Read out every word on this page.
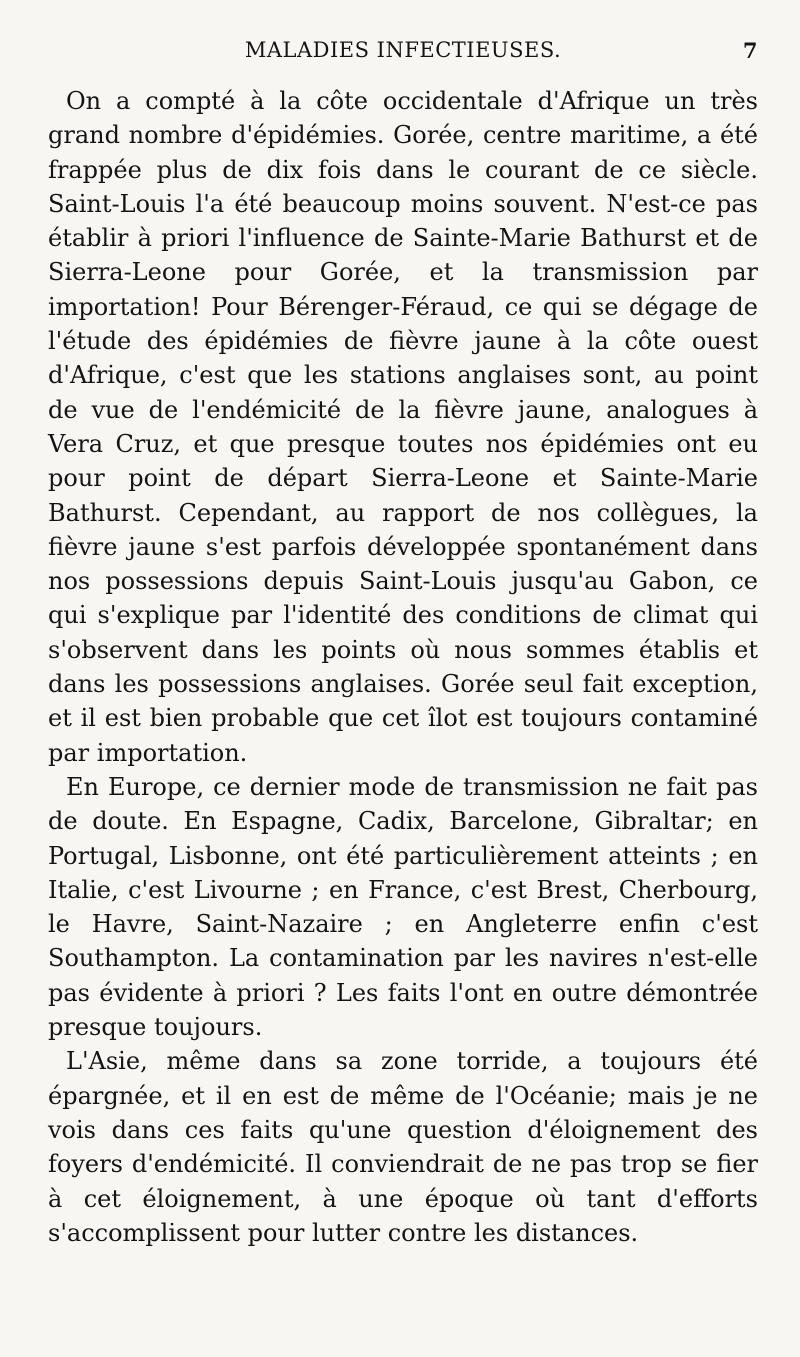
MALADIES INFECTIEUSES.	7

On a compté à la côte occidentale d'Afrique un très grand nombre d'épidémies. Gorée, centre maritime, a été frappée plus de dix fois dans le courant de ce siècle. Saint-Louis l'a été beaucoup moins souvent. N'est-ce pas établir à priori l'influence de Sainte-Marie Bathurst et de Sierra-Leone pour Gorée, et la transmission par importation! Pour Bérenger-Féraud, ce qui se dégage de l'étude des épidémies de fièvre jaune à la côte ouest d'Afrique, c'est que les stations anglaises sont, au point de vue de l'endémicité de la fièvre jaune, analogues à Vera Cruz, et que presque toutes nos épidémies ont eu pour point de départ Sierra-Leone et Sainte-Marie Bathurst. Cependant, au rapport de nos collègues, la fièvre jaune s'est parfois développée spontanément dans nos possessions depuis Saint-Louis jusqu'au Gabon, ce qui s'explique par l'identité des conditions de climat qui s'observent dans les points où nous sommes établis et dans les possessions anglaises. Gorée seul fait exception, et il est bien probable que cet îlot est toujours contaminé par importation.

En Europe, ce dernier mode de transmission ne fait pas de doute. En Espagne, Cadix, Barcelone, Gibraltar; en Portugal, Lisbonne, ont été particulièrement atteints ; en Italie, c'est Livourne ; en France, c'est Brest, Cherbourg, le Havre, Saint-Nazaire ; en Angleterre enfin c'est Southampton. La contamination par les navires n'est-elle pas évidente à priori ? Les faits l'ont en outre démontrée presque toujours.

L'Asie, même dans sa zone torride, a toujours été épargnée, et il en est de même de l'Océanie; mais je ne vois dans ces faits qu'une question d'éloignement des foyers d'endémicité. Il conviendrait de ne pas trop se fier à cet éloignement, à une époque où tant d'efforts s'accomplissent pour lutter contre les distances.
